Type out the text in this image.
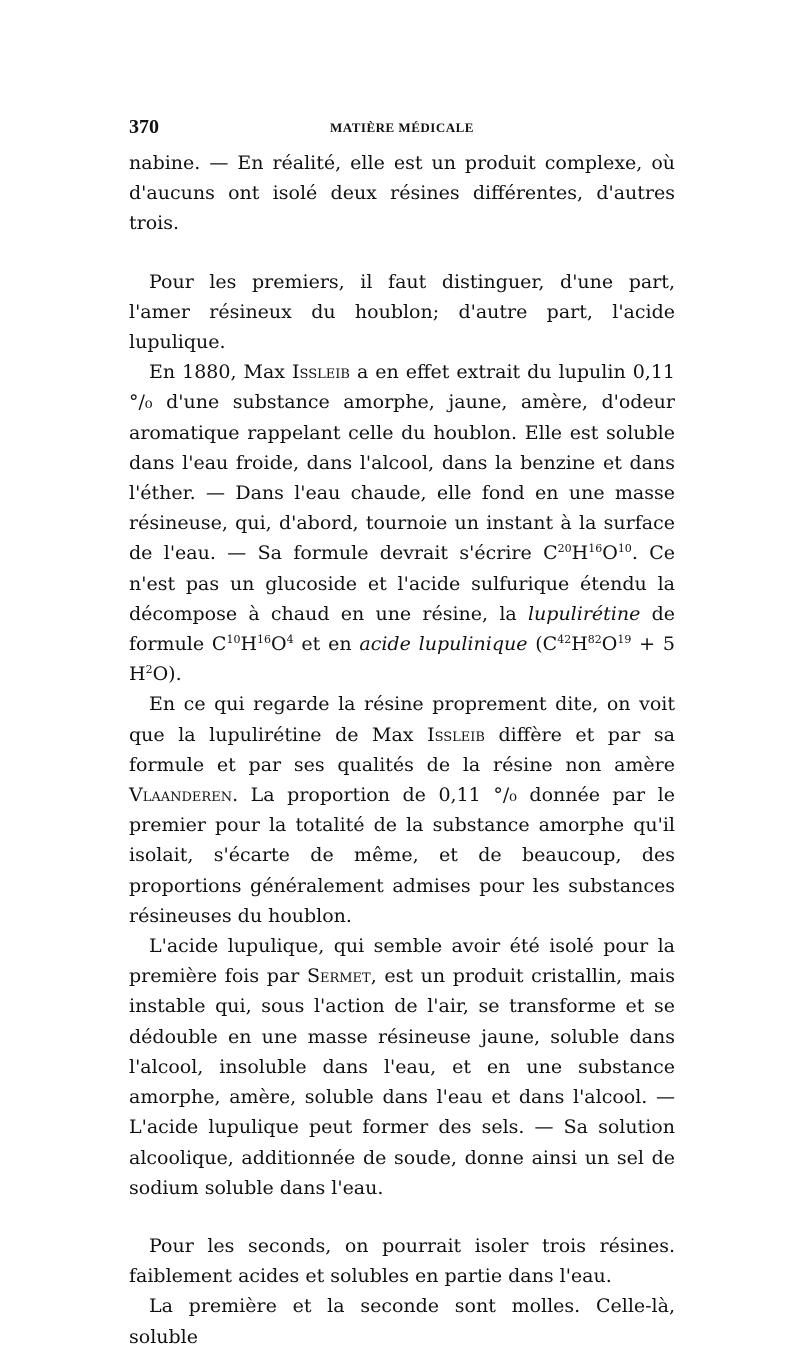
370	MATIÈRE MÉDICALE

nabine. — En réalité, elle est un produit complexe, où d'aucuns ont isolé deux résines différentes, d'autres trois.

Pour les premiers, il faut distinguer, d'une part, l'amer résineux du houblon; d'autre part, l'acide lupulique.

En 1880, Max Issleib a en effet extrait du lupulin 0,11 °/₀ d'une substance amorphe, jaune, amère, d'odeur aromatique rappelant celle du houblon. Elle est soluble dans l'eau froide, dans l'alcool, dans la benzine et dans l'éther. — Dans l'eau chaude, elle fond en une masse résineuse, qui, d'abord, tournoie un instant à la surface de l'eau. — Sa formule devrait s'écrire $C^{20}H^{16}O^{10}$. Ce n'est pas un glucoside et l'acide sulfurique étendu la décompose à chaud en une résine, la lupulirétine de formule $C^{10}H^{16}O^4$ et en acide lupulinique ($C^{42}H^{82}O^{19} + 5$ $H^2O$).

En ce qui regarde la résine proprement dite, on voit que la lupulirétine de Max Issleib diffère et par sa formule et par ses qualités de la résine non amère Vlaanderen. La proportion de 0,11 °/₀ donnée par le premier pour la totalité de la substance amorphe qu'il isolait, s'écarte de même, et de beaucoup, des proportions généralement admises pour les substances résineuses du houblon.

L'acide lupulique, qui semble avoir été isolé pour la première fois par Sermet, est un produit cristallin, mais instable qui, sous l'action de l'air, se transforme et se dédouble en une masse résineuse jaune, soluble dans l'alcool, insoluble dans l'eau, et en une substance amorphe, amère, soluble dans l'eau et dans l'alcool. — L'acide lupulique peut former des sels. — Sa solution alcoolique, additionnée de soude, donne ainsi un sel de sodium soluble dans l'eau.

Pour les seconds, on pourrait isoler trois résines. faiblement acides et solubles en partie dans l'eau.

La première et la seconde sont molles. Celle-là, soluble
